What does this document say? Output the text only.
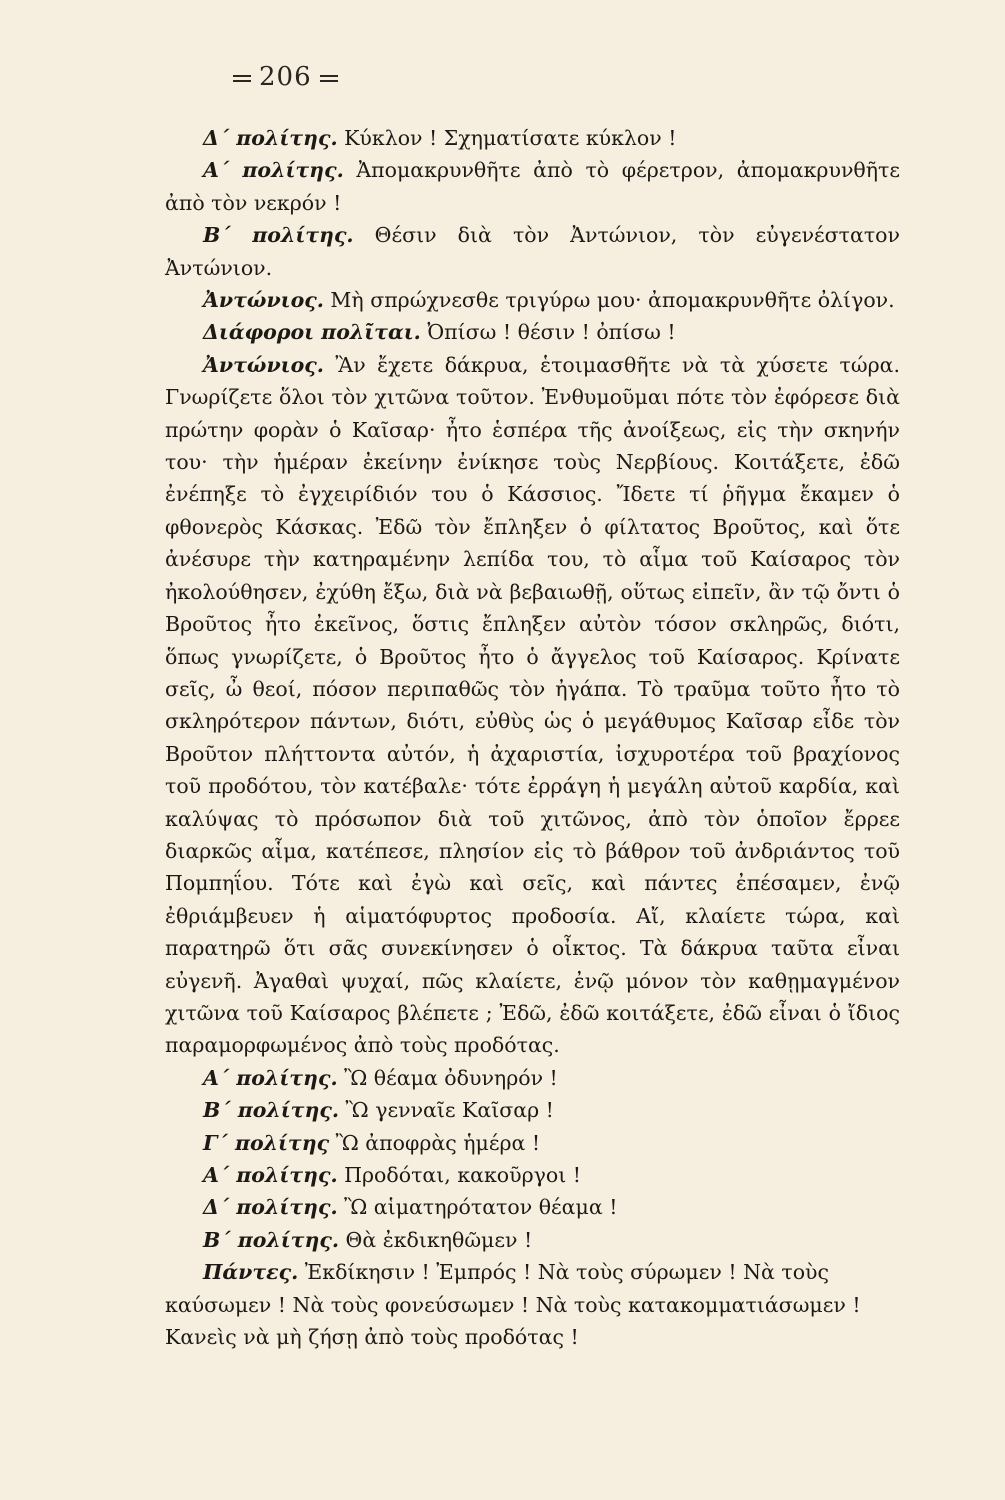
206

Δ΄ πολίτης. Κύκλον ! Σχηματίσατε κύκλον !

Α΄ πολίτης. Ἀπομακρυνθῆτε ἀπὸ τὸ φέρετρον, ἀπομακρυνθῆτε ἀπὸ τὸν νεκρόν !

Β΄ πολίτης. Θέσιν διὰ τὸν Ἀντώνιον, τὸν εὐγενέστατον Ἀντώνιον.

Ἀντώνιος. Μὴ σπρώχνεσθε τριγύρω μου· ἀπομακρυνθῆτε ὀλίγον.

Διάφοροι πολῖται. Ὀπίσω ! θέσιν ! ὀπίσω !

Ἀντώνιος. Ἂν ἔχετε δάκρυα, ἑτοιμασθῆτε νὰ τὰ χύσετε τώρα. Γνωρίζετε ὅλοι τὸν χιτῶνα τοῦτον. Ἐνθυμοῦμαι πότε τὸν ἐφόρεσε διὰ πρώτην φορὰν ὁ Καῖσαρ· ἦτο ἑσπέρα τῆς ἀνοίξεως, εἰς τὴν σκηνήν του· τὴν ἡμέραν ἐκείνην ἐνίκησε τοὺς Νερβίους. Κοιτάξετε, ἐδῶ ἐνέπηξε τὸ ἐγχειρίδιόν του ὁ Κάσσιος. Ἴδετε τί ῥῆγμα ἔκαμεν ὁ φθονερὸς Κάσκας. Ἐδῶ τὸν ἔπληξεν ὁ φίλτατος Βροῦτος, καὶ ὅτε ἀνέσυρε τὴν κατηραμένην λεπίδα του, τὸ αἷμα τοῦ Καίσαρος τὸν ἠκολούθησεν, ἐχύθη ἔξω, διὰ νὰ βεβαιωθῇ, οὕτως εἰπεῖν, ἂν τῷ ὄντι ὁ Βροῦτος ἦτο ἐκεῖνος, ὅστις ἔπληξεν αὐτὸν τόσον σκληρῶς, διότι, ὅπως γνωρίζετε, ὁ Βροῦτος ἦτο ὁ ἄγγελος τοῦ Καίσαρος. Κρίνατε σεῖς, ὦ θεοί, πόσον περιπαθῶς τὸν ἠγάπα. Τὸ τραῦμα τοῦτο ἦτο τὸ σκληρότερον πάντων, διότι, εὐθὺς ὡς ὁ μεγάθυμος Καῖσαρ εἶδε τὸν Βροῦτον πλήττοντα αὐτόν, ἡ ἀχαριστία, ἰσχυροτέρα τοῦ βραχίονος τοῦ προδότου, τὸν κατέβαλε· τότε ἐρράγη ἡ μεγάλη αὐτοῦ καρδία, καὶ καλύψας τὸ πρόσωπον διὰ τοῦ χιτῶνος, ἀπὸ τὸν ὁποῖον ἔρρεε διαρκῶς αἷμα, κατέπεσε, πλησίον εἰς τὸ βάθρον τοῦ ἀνδριάντος τοῦ Πομπηΐου. Τότε καὶ ἐγὼ καὶ σεῖς, καὶ πάντες ἐπέσαμεν, ἐνῷ ἐθριάμβευεν ἡ αἱματόφυρτος προδοσία. Αἴ, κλαίετε τώρα, καὶ παρατηρῶ ὅτι σᾶς συνεκίνησεν ὁ οἶκτος. Τὰ δάκρυα ταῦτα εἶναι εὐγενῆ. Ἀγαθαὶ ψυχαί, πῶς κλαίετε, ἐνῷ μόνον τὸν καθῃμαγμένον χιτῶνα τοῦ Καίσαρος βλέπετε ; Ἐδῶ, ἐδῶ κοιτάξετε, ἐδῶ εἶναι ὁ ἴδιος παραμορφωμένος ἀπὸ τοὺς προδότας.

Α΄ πολίτης. Ὢ θέαμα ὀδυνηρόν !

Β΄ πολίτης. Ὢ γενναῖε Καῖσαρ !

Γ΄ πολίτης Ὢ ἀποφρὰς ἡμέρα !

Α΄ πολίτης. Προδόται, κακοῦργοι !

Δ΄ πολίτης. Ὢ αἱματηρότατον θέαμα !

Β΄ πολίτης. Θὰ ἐκδικηθῶμεν !

Πάντες. Ἐκδίκησιν ! Ἐμπρός ! Νὰ τοὺς σύρωμεν ! Νὰ τοὺς καύσωμεν ! Νὰ τοὺς φονεύσωμεν ! Νὰ τοὺς κατακομματιάσωμεν ! Κανεὶς νὰ μὴ ζήσῃ ἀπὸ τοὺς προδότας !
